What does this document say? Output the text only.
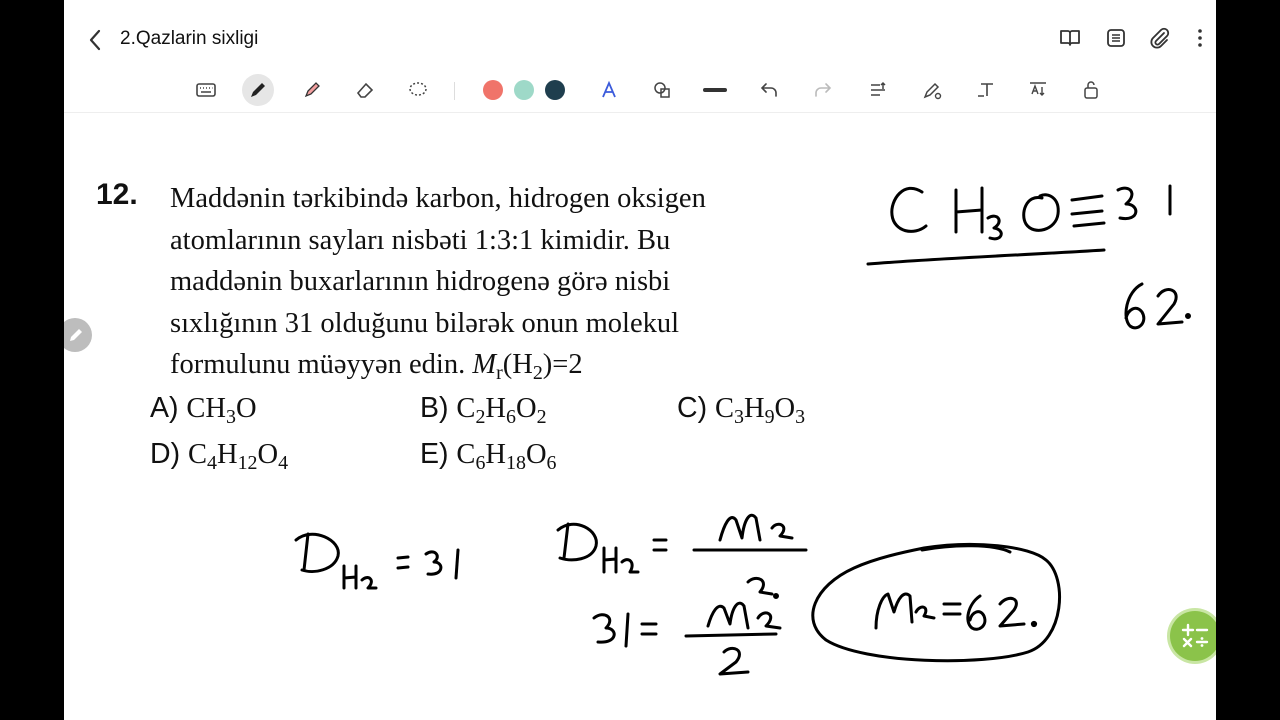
2.Qazlarin sixligi
12. Maddənin tərkibində karbon, hidrogen oksigen
atomlarının sayları nisbəti 1:3:1 kimidir. Bu
maddənin buxarlarının hidrogenə görə nisbi
sıxlığının 31 olduğunu bilərək onun molekul
formulunu müəyyən edin. $M_r(H_2)=2$
A) $CH_3O$	B) $C_2H_6O_2$	C) $C_3H_9O_3$
D) $C_4H_{12}O_4$	E) $C_6H_{18}O_6$
